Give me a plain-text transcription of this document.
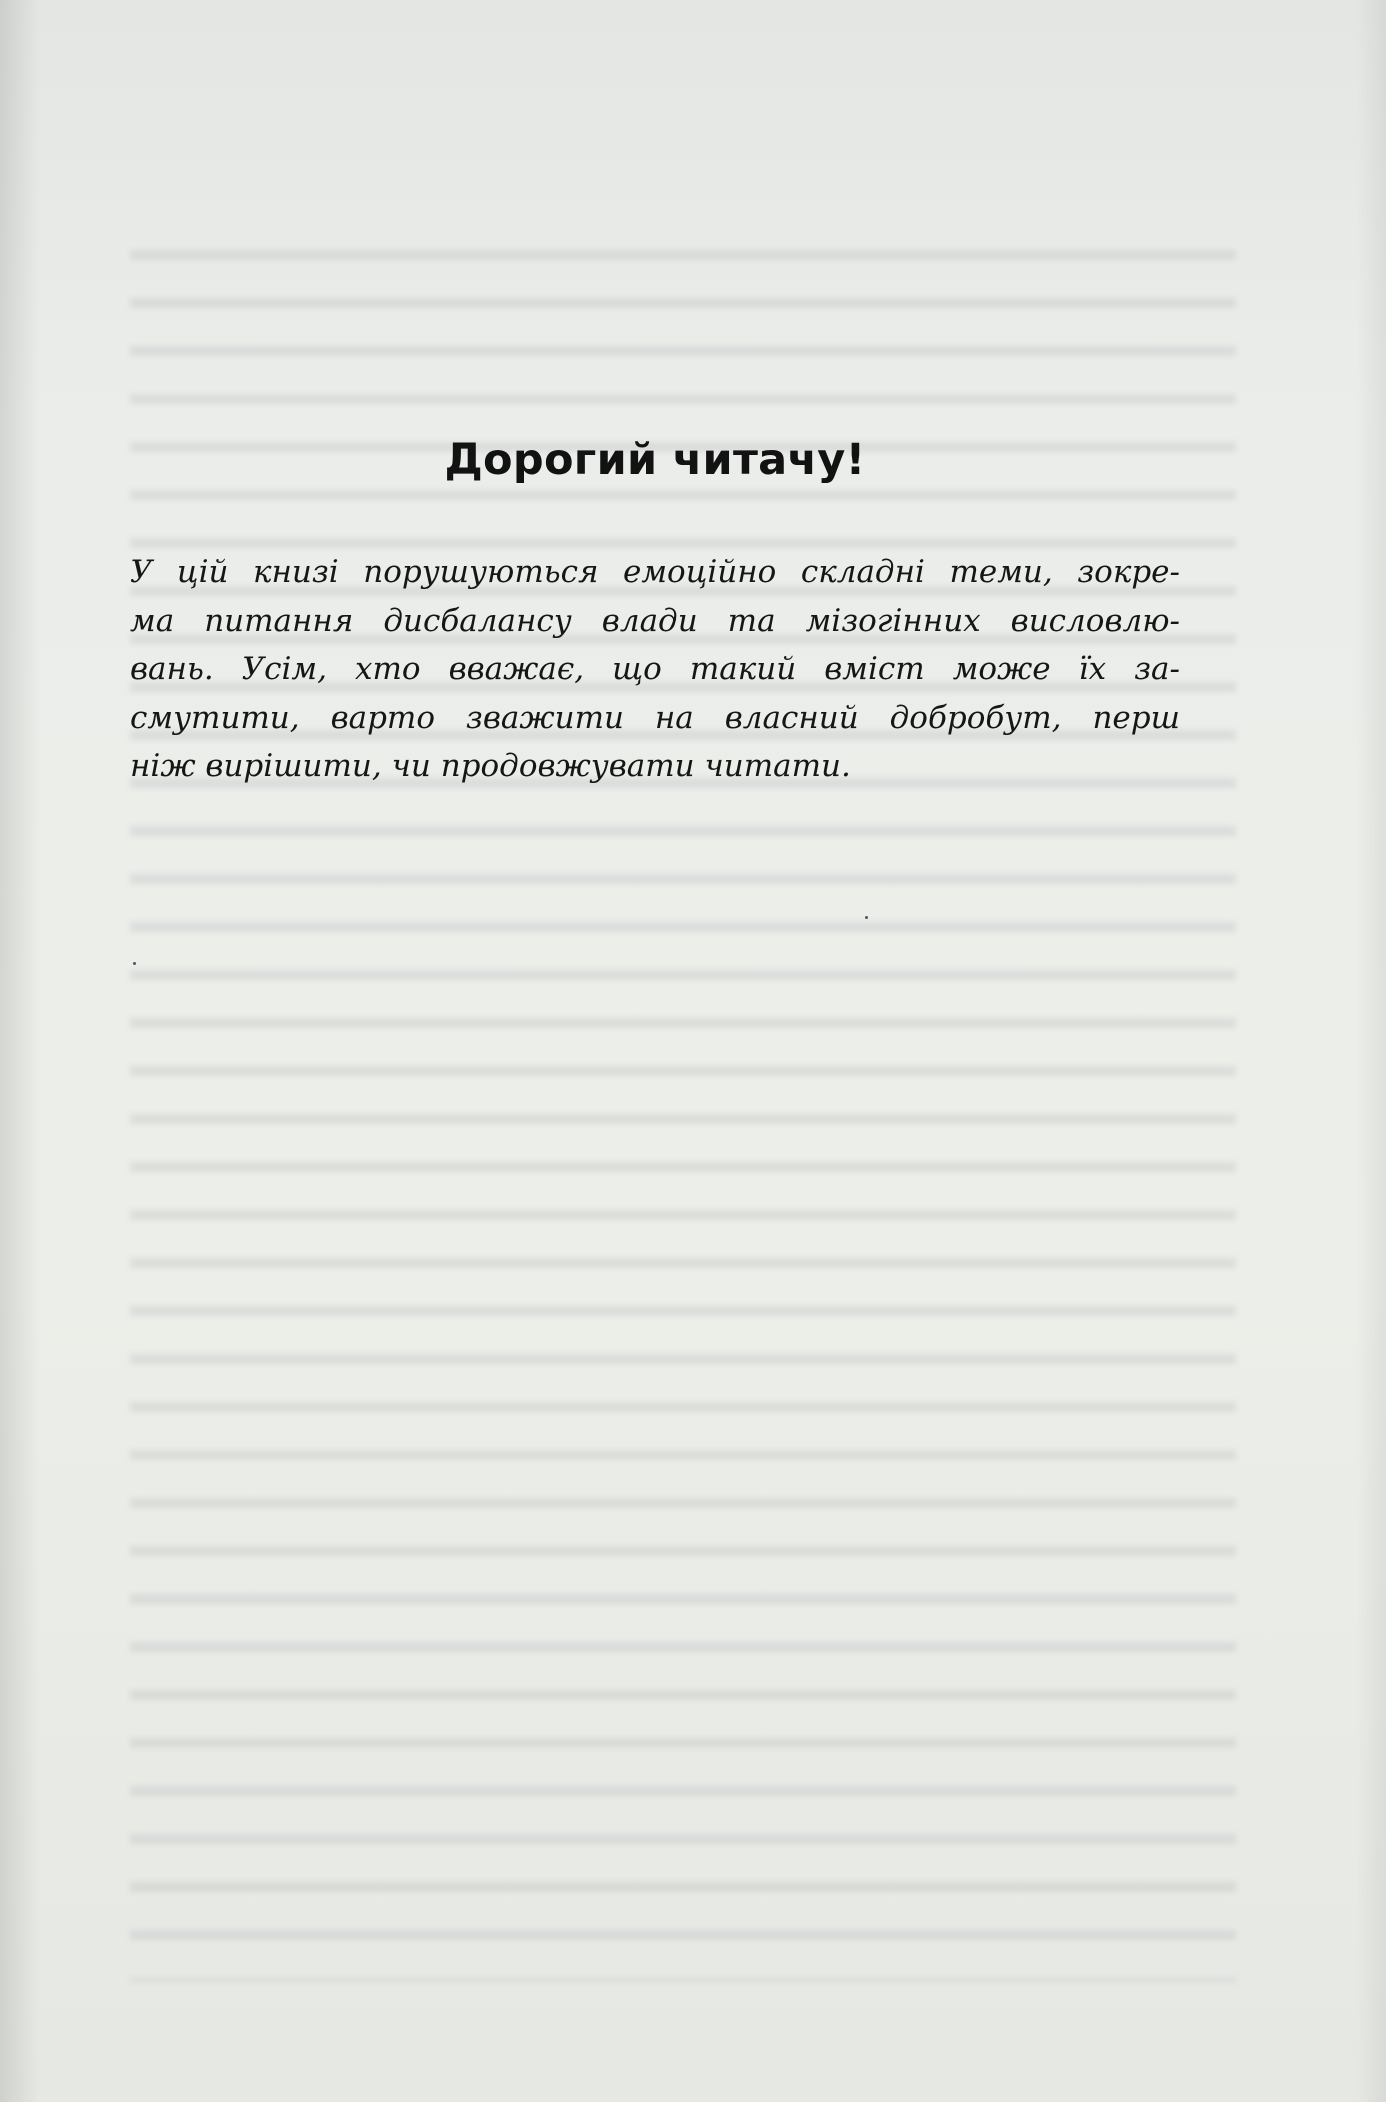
Дорогий читачу!

У цій книзі порушуються емоційно складні теми, зокре-
ма питання дисбалансу влади та мізогінних висловлю-
вань. Усім, хто вважає, що такий вміст може їх за-
смутити, варто зважити на власний добробут, перш
ніж вирішити, чи продовжувати читати.
